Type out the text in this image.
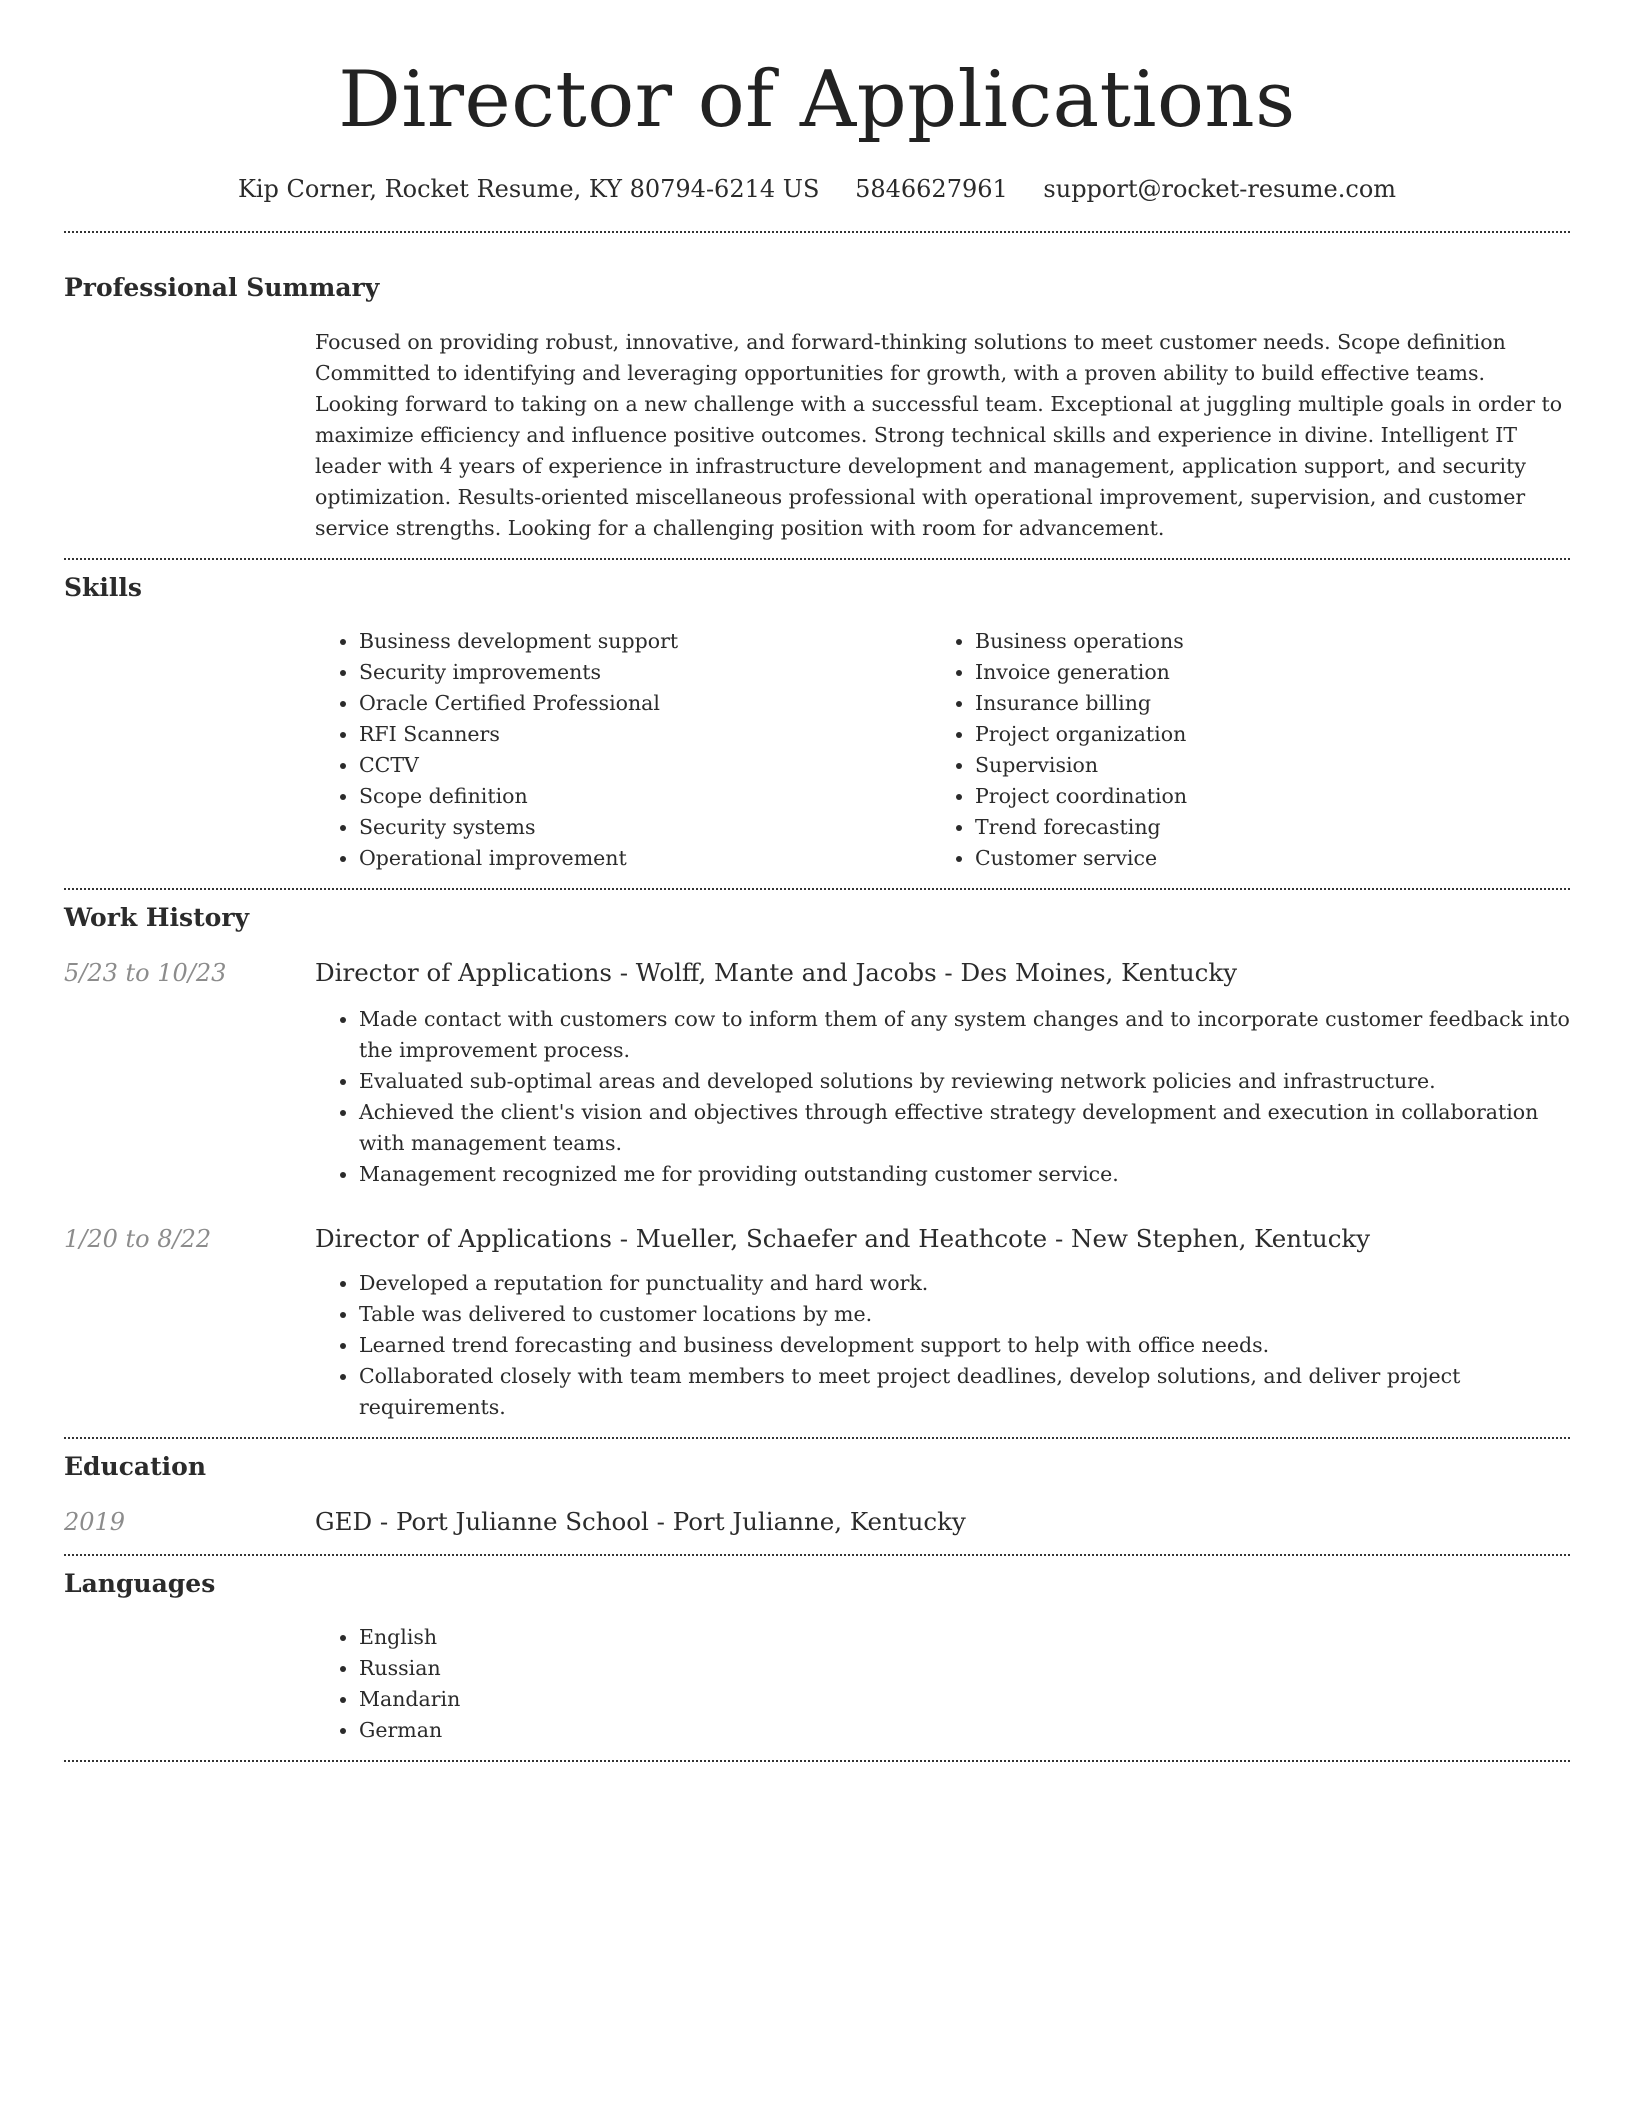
Director of Applications
Kip Corner, Rocket Resume, KY 80794-6214 US 5846627961 support@rocket-resume.com
Professional Summary

Focused on providing robust, innovative, and forward-thinking solutions to meet customer needs. Scope definition Committed to identifying and leveraging opportunities for growth, with a proven ability to build effective teams. Looking forward to taking on a new challenge with a successful team. Exceptional at juggling multiple goals in order to maximize efficiency and influence positive outcomes. Strong technical skills and experience in divine. Intelligent IT leader with 4 years of experience in infrastructure development and management, application support, and security optimization. Results-oriented miscellaneous professional with operational improvement, supervision, and customer service strengths. Looking for a challenging position with room for advancement.

Skills
• Business development support
• Security improvements
• Oracle Certified Professional
• RFI Scanners
• CCTV
• Scope definition
• Security systems
• Operational improvement
• Business operations
• Invoice generation
• Insurance billing
• Project organization
• Supervision
• Project coordination
• Trend forecasting
• Customer service
Work History
5/23 to 10/23	Director of Applications - Wolff, Mante and Jacobs - Des Moines, Kentucky
• Made contact with customers cow to inform them of any system changes and to incorporate customer feedback into the improvement process.
• Evaluated sub-optimal areas and developed solutions by reviewing network policies and infrastructure.
• Achieved the client's vision and objectives through effective strategy development and execution in collaboration with management teams.
• Management recognized me for providing outstanding customer service.
1/20 to 8/22	Director of Applications - Mueller, Schaefer and Heathcote - New Stephen, Kentucky
• Developed a reputation for punctuality and hard work.
• Table was delivered to customer locations by me.
• Learned trend forecasting and business development support to help with office needs.
• Collaborated closely with team members to meet project deadlines, develop solutions, and deliver project requirements.
Education
2019	GED - Port Julianne School - Port Julianne, Kentucky
Languages
• English
• Russian
• Mandarin
• German
